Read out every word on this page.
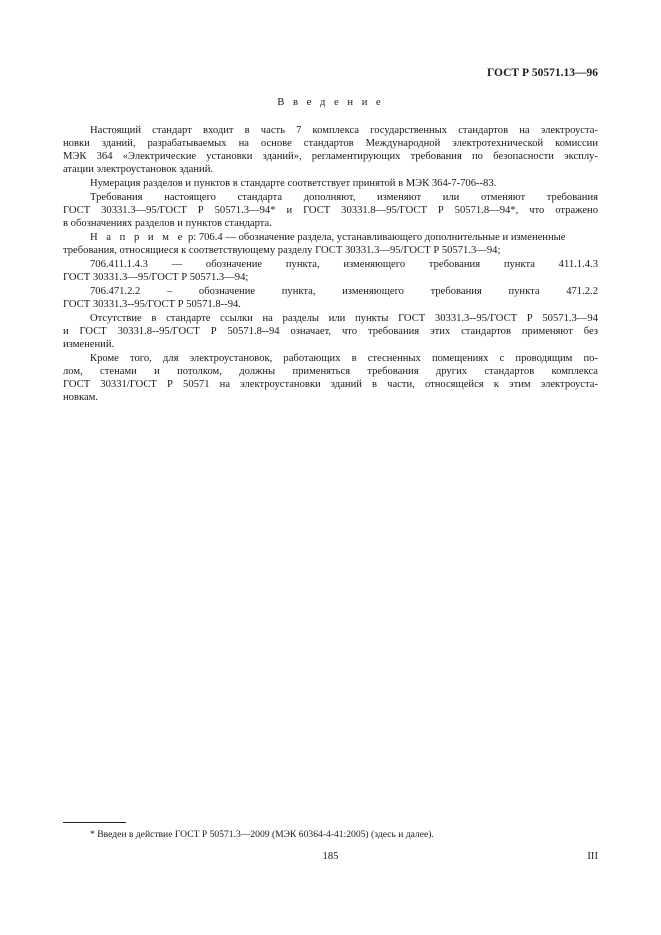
ГОСТ Р 50571.13—96
В в е д е н и е
Настоящий стандарт входит в часть 7 комплекса государственных стандартов на электроуста-
новки зданий, разрабатываемых на основе стандартов Международной электротехнической комиссии
МЭК 364 «Электрические установки зданий», регламентирующих требования по безопасности эксплу-
атации электроустановок зданий.
Нумерация разделов и пунктов в стандарте соответствует принятой в МЭК 364-7-706--83.
Требования настоящего стандарта дополняют, изменяют или отменяют требования
ГОСТ 30331.3—95/ГОСТ Р 50571.3—94* и ГОСТ 30331.8—95/ГОСТ Р 50571.8—94*, что отражено
в обозначениях разделов и пунктов стандарта.
Н а п р и м е р: 706.4 — обозначение раздела, устанавливающего дополнительные и измененные
требования, относящиеся к соответствующему разделу ГОСТ 30331.3—95/ГОСТ Р 50571.3—94;
706.411.1.4.3 — обозначение пункта, изменяющего требования пункта 411.1.4.3
ГОСТ 30331.3—95/ГОСТ Р 50571.3—94;
706.471.2.2 – обозначение пункта, изменяющего требования пункта 471.2.2
ГОСТ 30331.3--95/ГОСТ Р 50571.8--94.
Отсутствие в стандарте ссылки на разделы или пункты ГОСТ 30331.3--95/ГОСТ Р 50571.3—94
и ГОСТ 30331.8--95/ГОСТ Р 50571.8--94 означает, что требования этих стандартов применяют без
изменений.
Кроме того, для электроустановок, работающих в стесненных помещениях с проводящим по-
лом, стенами и потолком, должны применяться требования других стандартов комплекса
ГОСТ 30331/ГОСТ Р 50571 на электроустановки зданий в части, относящейся к этим электроуста-
новкам.
* Введен в действие ГОСТ Р 50571.3—2009 (МЭК 60364-4-41:2005) (здесь и далее).
185	III
